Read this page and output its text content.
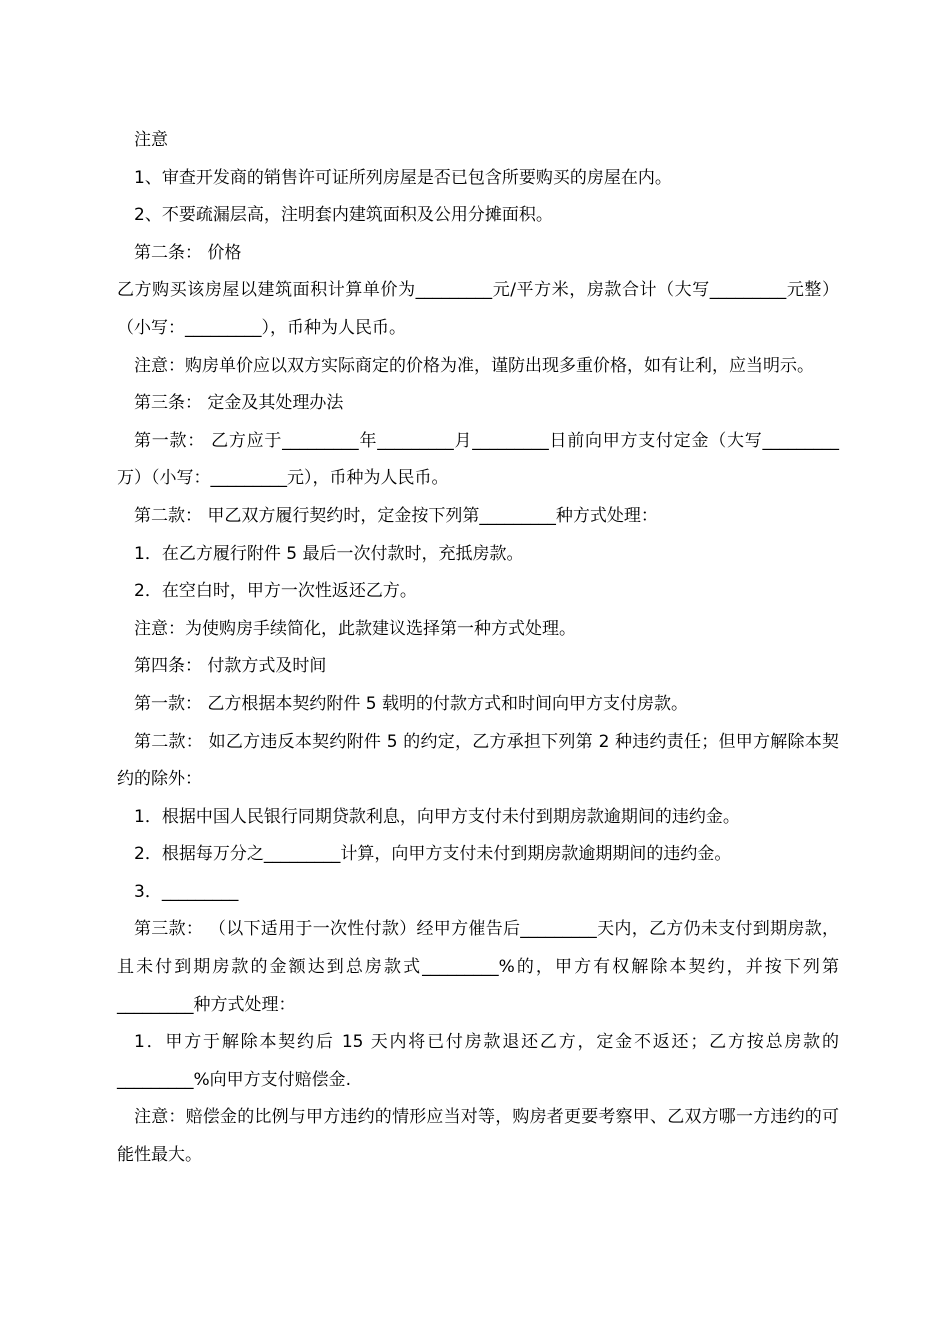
注意

1、审查开发商的销售许可证所列房屋是否已包含所要购买的房屋在内。

2、不要疏漏层高，注明套内建筑面积及公用分摊面积。

第二条： 价格

乙方购买该房屋以建筑面积计算单价为_________元/平方米，房款合计（大写_________元整）（小写：_________），币种为人民币。

注意：购房单价应以双方实际商定的价格为准，谨防出现多重价格，如有让利，应当明示。

第三条： 定金及其处理办法

第一款： 乙方应于_________年_________月_________日前向甲方支付定金（大写_________万）（小写：_________元），币种为人民币。

第二款： 甲乙双方履行契约时，定金按下列第_________种方式处理：

1．在乙方履行附件 5 最后一次付款时，充抵房款。

2．在空白时，甲方一次性返还乙方。

注意：为使购房手续简化，此款建议选择第一种方式处理。

第四条： 付款方式及时间

第一款： 乙方根据本契约附件 5 载明的付款方式和时间向甲方支付房款。

第二款： 如乙方违反本契约附件 5 的约定，乙方承担下列第 2 种违约责任；但甲方解除本契约的除外：

1．根据中国人民银行同期贷款利息，向甲方支付未付到期房款逾期间的违约金。

2．根据每万分之_________计算，向甲方支付未付到期房款逾期期间的违约金。

3．_________

第三款： （以下适用于一次性付款）经甲方催告后_________天内，乙方仍未支付到期房款，且未付到期房款的金额达到总房款式_________%的，甲方有权解除本契约，并按下列第_________种方式处理：

1．甲方于解除本契约后 15 天内将已付房款退还乙方，定金不返还；乙方按总房款的_________%向甲方支付赔偿金.

注意：赔偿金的比例与甲方违约的情形应当对等，购房者更要考察甲、乙双方哪一方违约的可能性最大。
